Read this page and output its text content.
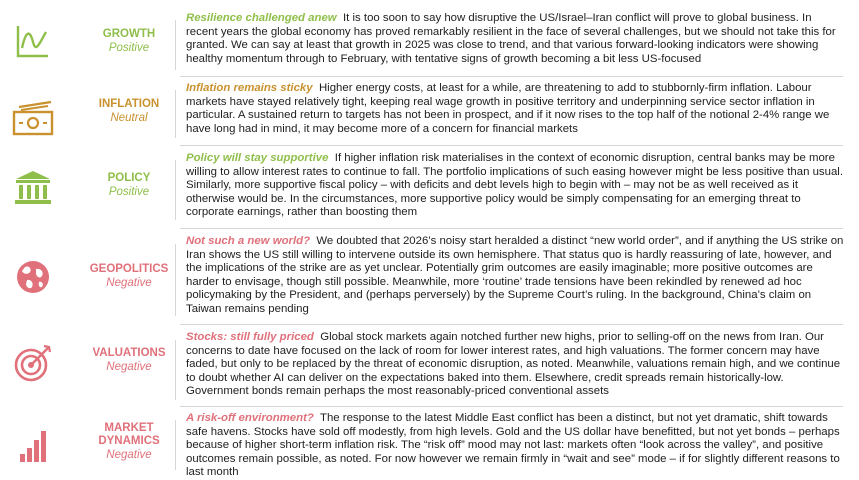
GROWTH
Positive
Resilience challenged anew It is too soon to say how disruptive the US/Israel–Iran conflict will prove to global business. In recent years the global economy has proved remarkably resilient in the face of several challenges, but we should not take this for granted. We can say at least that growth in 2025 was close to trend, and that various forward-looking indicators were showing healthy momentum through to February, with tentative signs of growth becoming a bit less US-focused
INFLATION
Neutral
Inflation remains sticky Higher energy costs, at least for a while, are threatening to add to stubbornly-firm inflation. Labour markets have stayed relatively tight, keeping real wage growth in positive territory and underpinning service sector inflation in particular. A sustained return to targets has not been in prospect, and if it now rises to the top half of the notional 2-4% range we have long had in mind, it may become more of a concern for financial markets
POLICY
Positive
Policy will stay supportive If higher inflation risk materialises in the context of economic disruption, central banks may be more willing to allow interest rates to continue to fall. The portfolio implications of such easing however might be less positive than usual. Similarly, more supportive fiscal policy – with deficits and debt levels high to begin with – may not be as well received as it otherwise would be. In the circumstances, more supportive policy would be simply compensating for an emerging threat to corporate earnings, rather than boosting them
GEOPOLITICS
Negative
Not such a new world? We doubted that 2026’s noisy start heralded a distinct “new world order”, and if anything the US strike on Iran shows the US still willing to intervene outside its own hemisphere. That status quo is hardly reassuring of late, however, and the implications of the strike are as yet unclear. Potentially grim outcomes are easily imaginable; more positive outcomes are harder to envisage, though still possible. Meanwhile, more ‘routine’ trade tensions have been rekindled by renewed ad hoc policymaking by the President, and (perhaps perversely) by the Supreme Court’s ruling. In the background, China’s claim on Taiwan remains pending
VALUATIONS
Negative
Stocks: still fully priced Global stock markets again notched further new highs, prior to selling-off on the news from Iran. Our concerns to date have focused on the lack of room for lower interest rates, and high valuations. The former concern may have faded, but only to be replaced by the threat of economic disruption, as noted. Meanwhile, valuations remain high, and we continue to doubt whether AI can deliver on the expectations baked into them. Elsewhere, credit spreads remain historically-low. Government bonds remain perhaps the most reasonably-priced conventional assets
MARKET DYNAMICS
Negative
A risk-off environment? The response to the latest Middle East conflict has been a distinct, but not yet dramatic, shift towards safe havens. Stocks have sold off modestly, from high levels. Gold and the US dollar have benefitted, but not yet bonds – perhaps because of higher short-term inflation risk. The “risk off” mood may not last: markets often “look across the valley”, and positive outcomes remain possible, as noted. For now however we remain firmly in “wait and see” mode – if for slightly different reasons to last month
